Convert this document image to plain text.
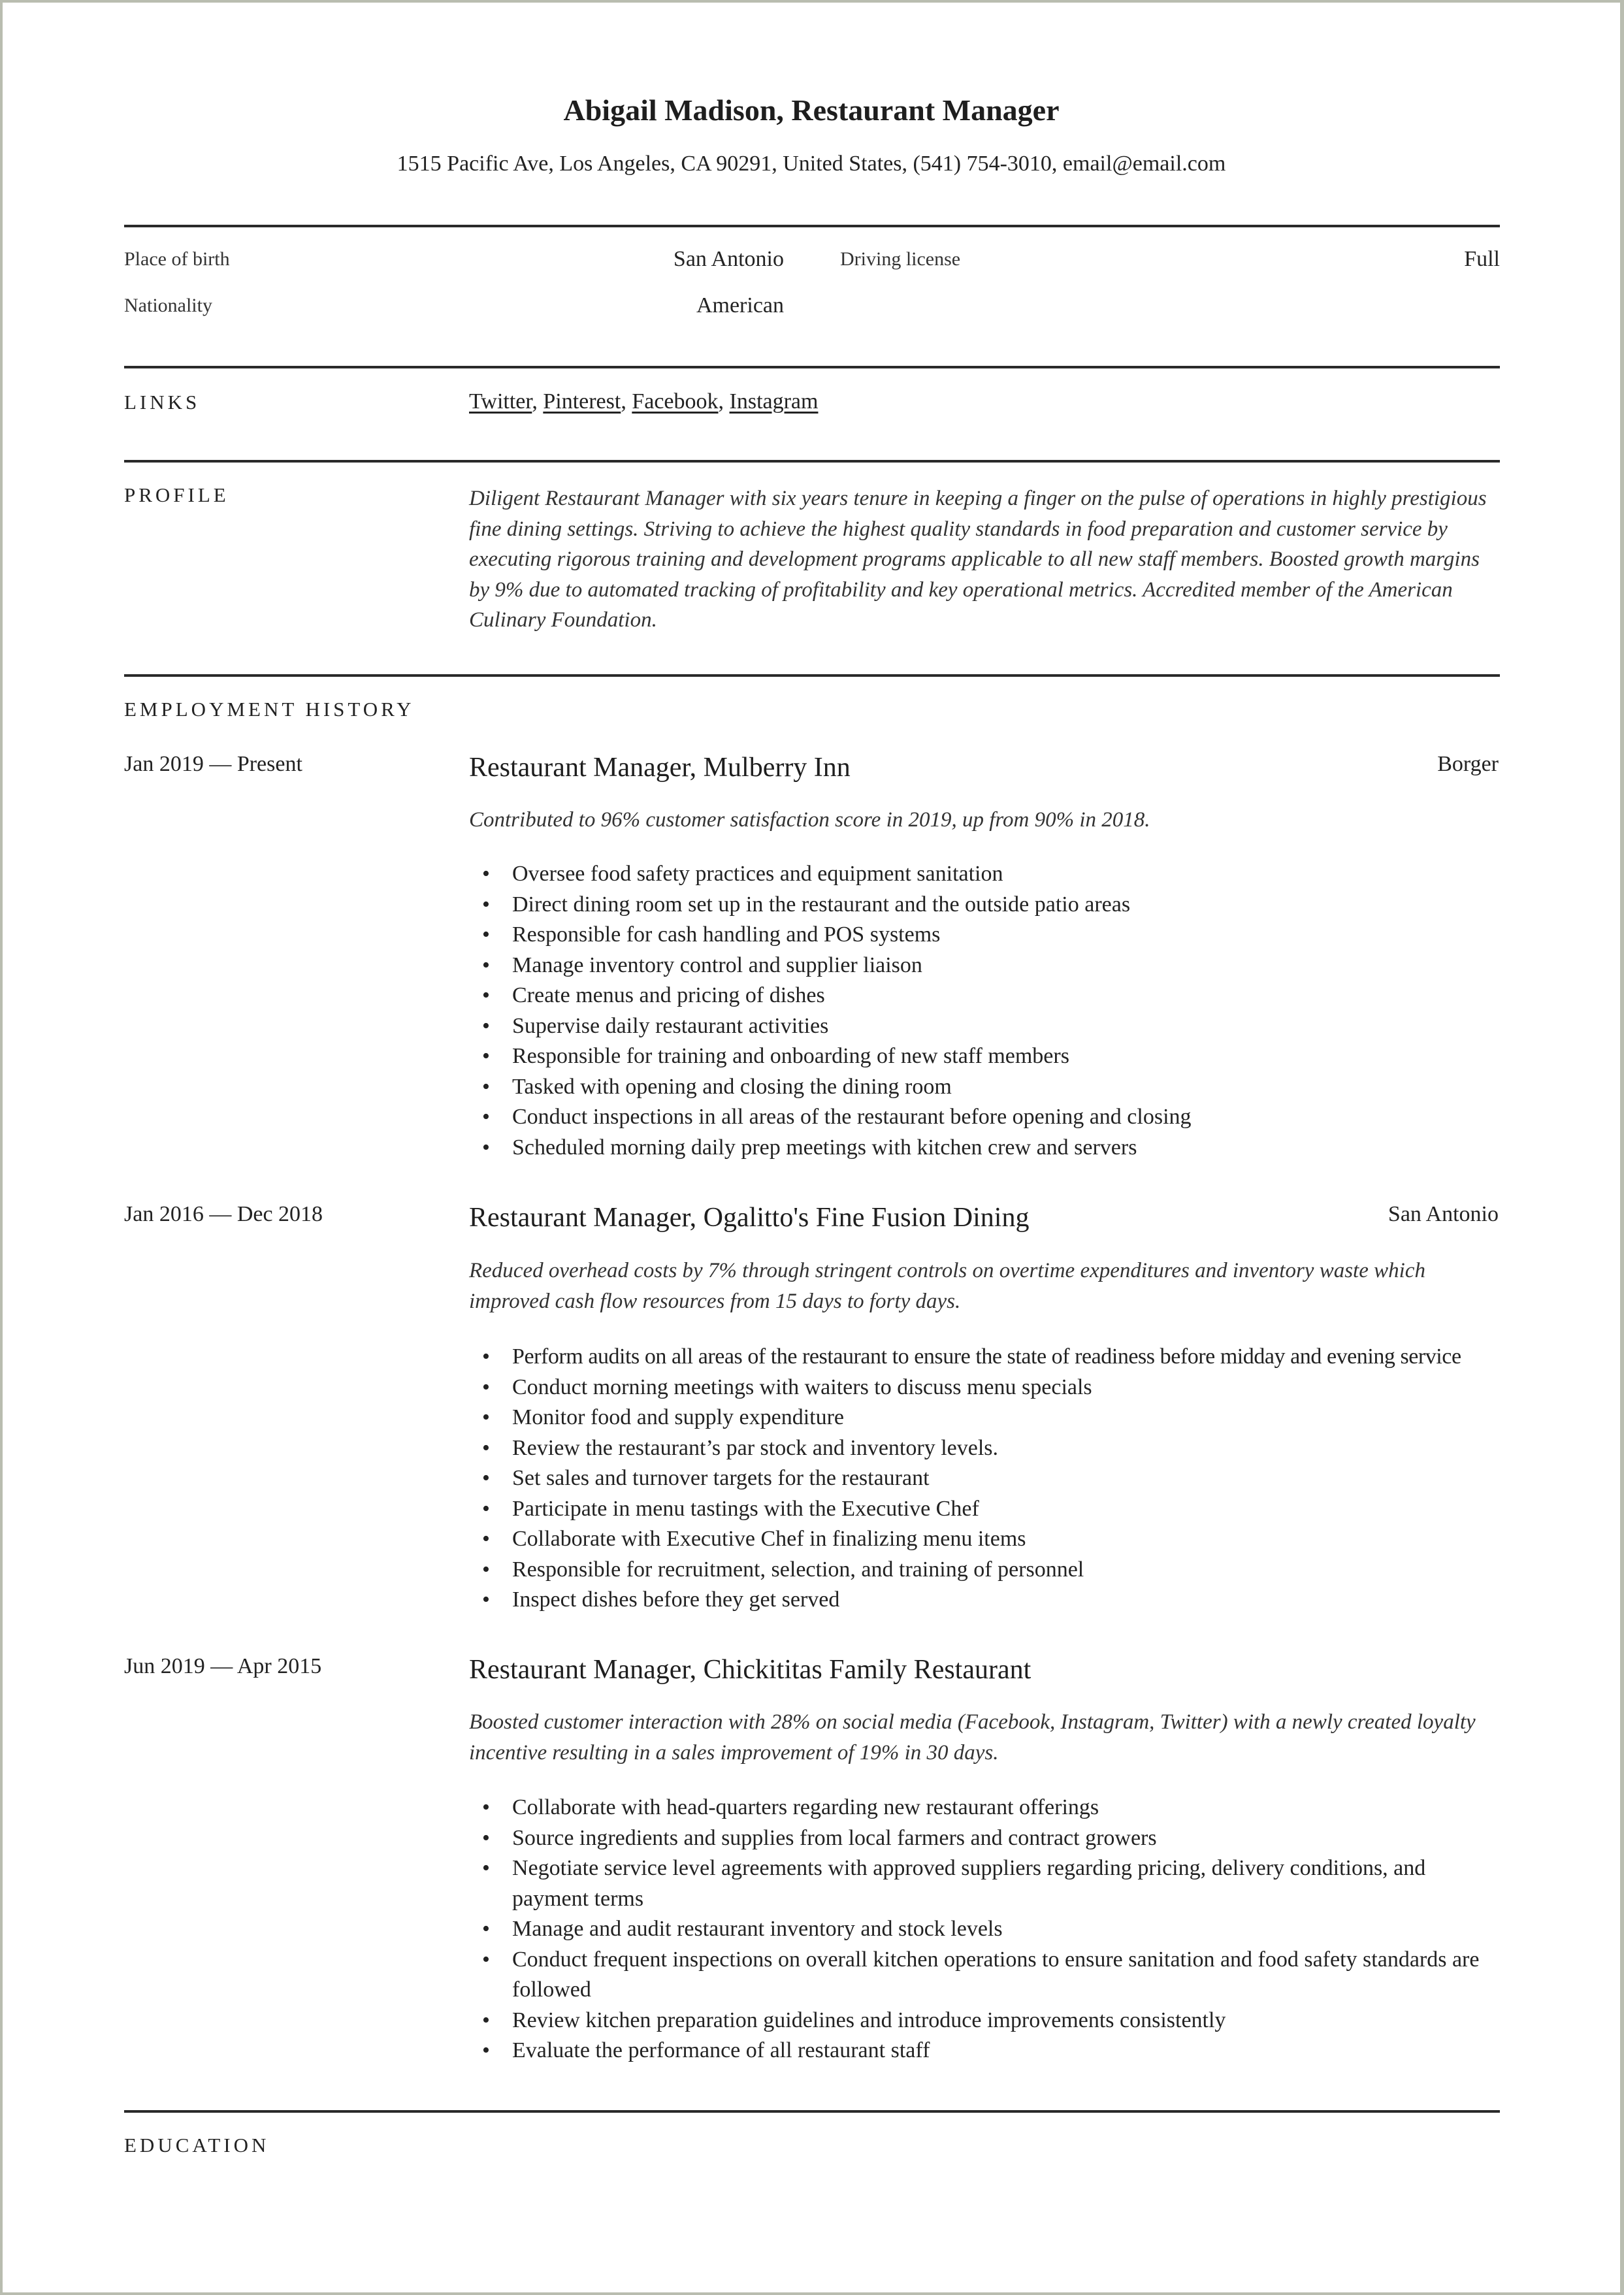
Abigail Madison, Restaurant Manager
1515 Pacific Ave, Los Angeles, CA 90291, United States, (541) 754-3010, email@email.com
Place of birth	San Antonio	Driving license	Full
Nationality	American
LINKS	Twitter, Pinterest, Facebook, Instagram
PROFILE	Diligent Restaurant Manager with six years tenure in keeping a finger on the pulse of operations in highly prestigious fine dining settings. Striving to achieve the highest quality standards in food preparation and customer service by executing rigorous training and development programs applicable to all new staff members. Boosted growth margins by 9% due to automated tracking of profitability and key operational metrics. Accredited member of the American Culinary Foundation.
EMPLOYMENT HISTORY
Jan 2019 — Present	Restaurant Manager, Mulberry Inn	Borger
Contributed to 96% customer satisfaction score in 2019, up from 90% in 2018.
• Oversee food safety practices and equipment sanitation
• Direct dining room set up in the restaurant and the outside patio areas
• Responsible for cash handling and POS systems
• Manage inventory control and supplier liaison
• Create menus and pricing of dishes
• Supervise daily restaurant activities
• Responsible for training and onboarding of new staff members
• Tasked with opening and closing the dining room
• Conduct inspections in all areas of the restaurant before opening and closing
• Scheduled morning daily prep meetings with kitchen crew and servers
Jan 2016 — Dec 2018	Restaurant Manager, Ogalitto's Fine Fusion Dining	San Antonio
Reduced overhead costs by 7% through stringent controls on overtime expenditures and inventory waste which improved cash flow resources from 15 days to forty days.
• Perform audits on all areas of the restaurant to ensure the state of readiness before midday and evening service
• Conduct morning meetings with waiters to discuss menu specials
• Monitor food and supply expenditure
• Review the restaurant’s par stock and inventory levels.
• Set sales and turnover targets for the restaurant
• Participate in menu tastings with the Executive Chef
• Collaborate with Executive Chef in finalizing menu items
• Responsible for recruitment, selection, and training of personnel
• Inspect dishes before they get served
Jun 2019 — Apr 2015	Restaurant Manager, Chickititas Family Restaurant
Boosted customer interaction with 28% on social media (Facebook, Instagram, Twitter) with a newly created loyalty incentive resulting in a sales improvement of 19% in 30 days.
• Collaborate with head-quarters regarding new restaurant offerings
• Source ingredients and supplies from local farmers and contract growers
• Negotiate service level agreements with approved suppliers regarding pricing, delivery conditions, and payment terms
• Manage and audit restaurant inventory and stock levels
• Conduct frequent inspections on overall kitchen operations to ensure sanitation and food safety standards are followed
• Review kitchen preparation guidelines and introduce improvements consistently
• Evaluate the performance of all restaurant staff
EDUCATION
